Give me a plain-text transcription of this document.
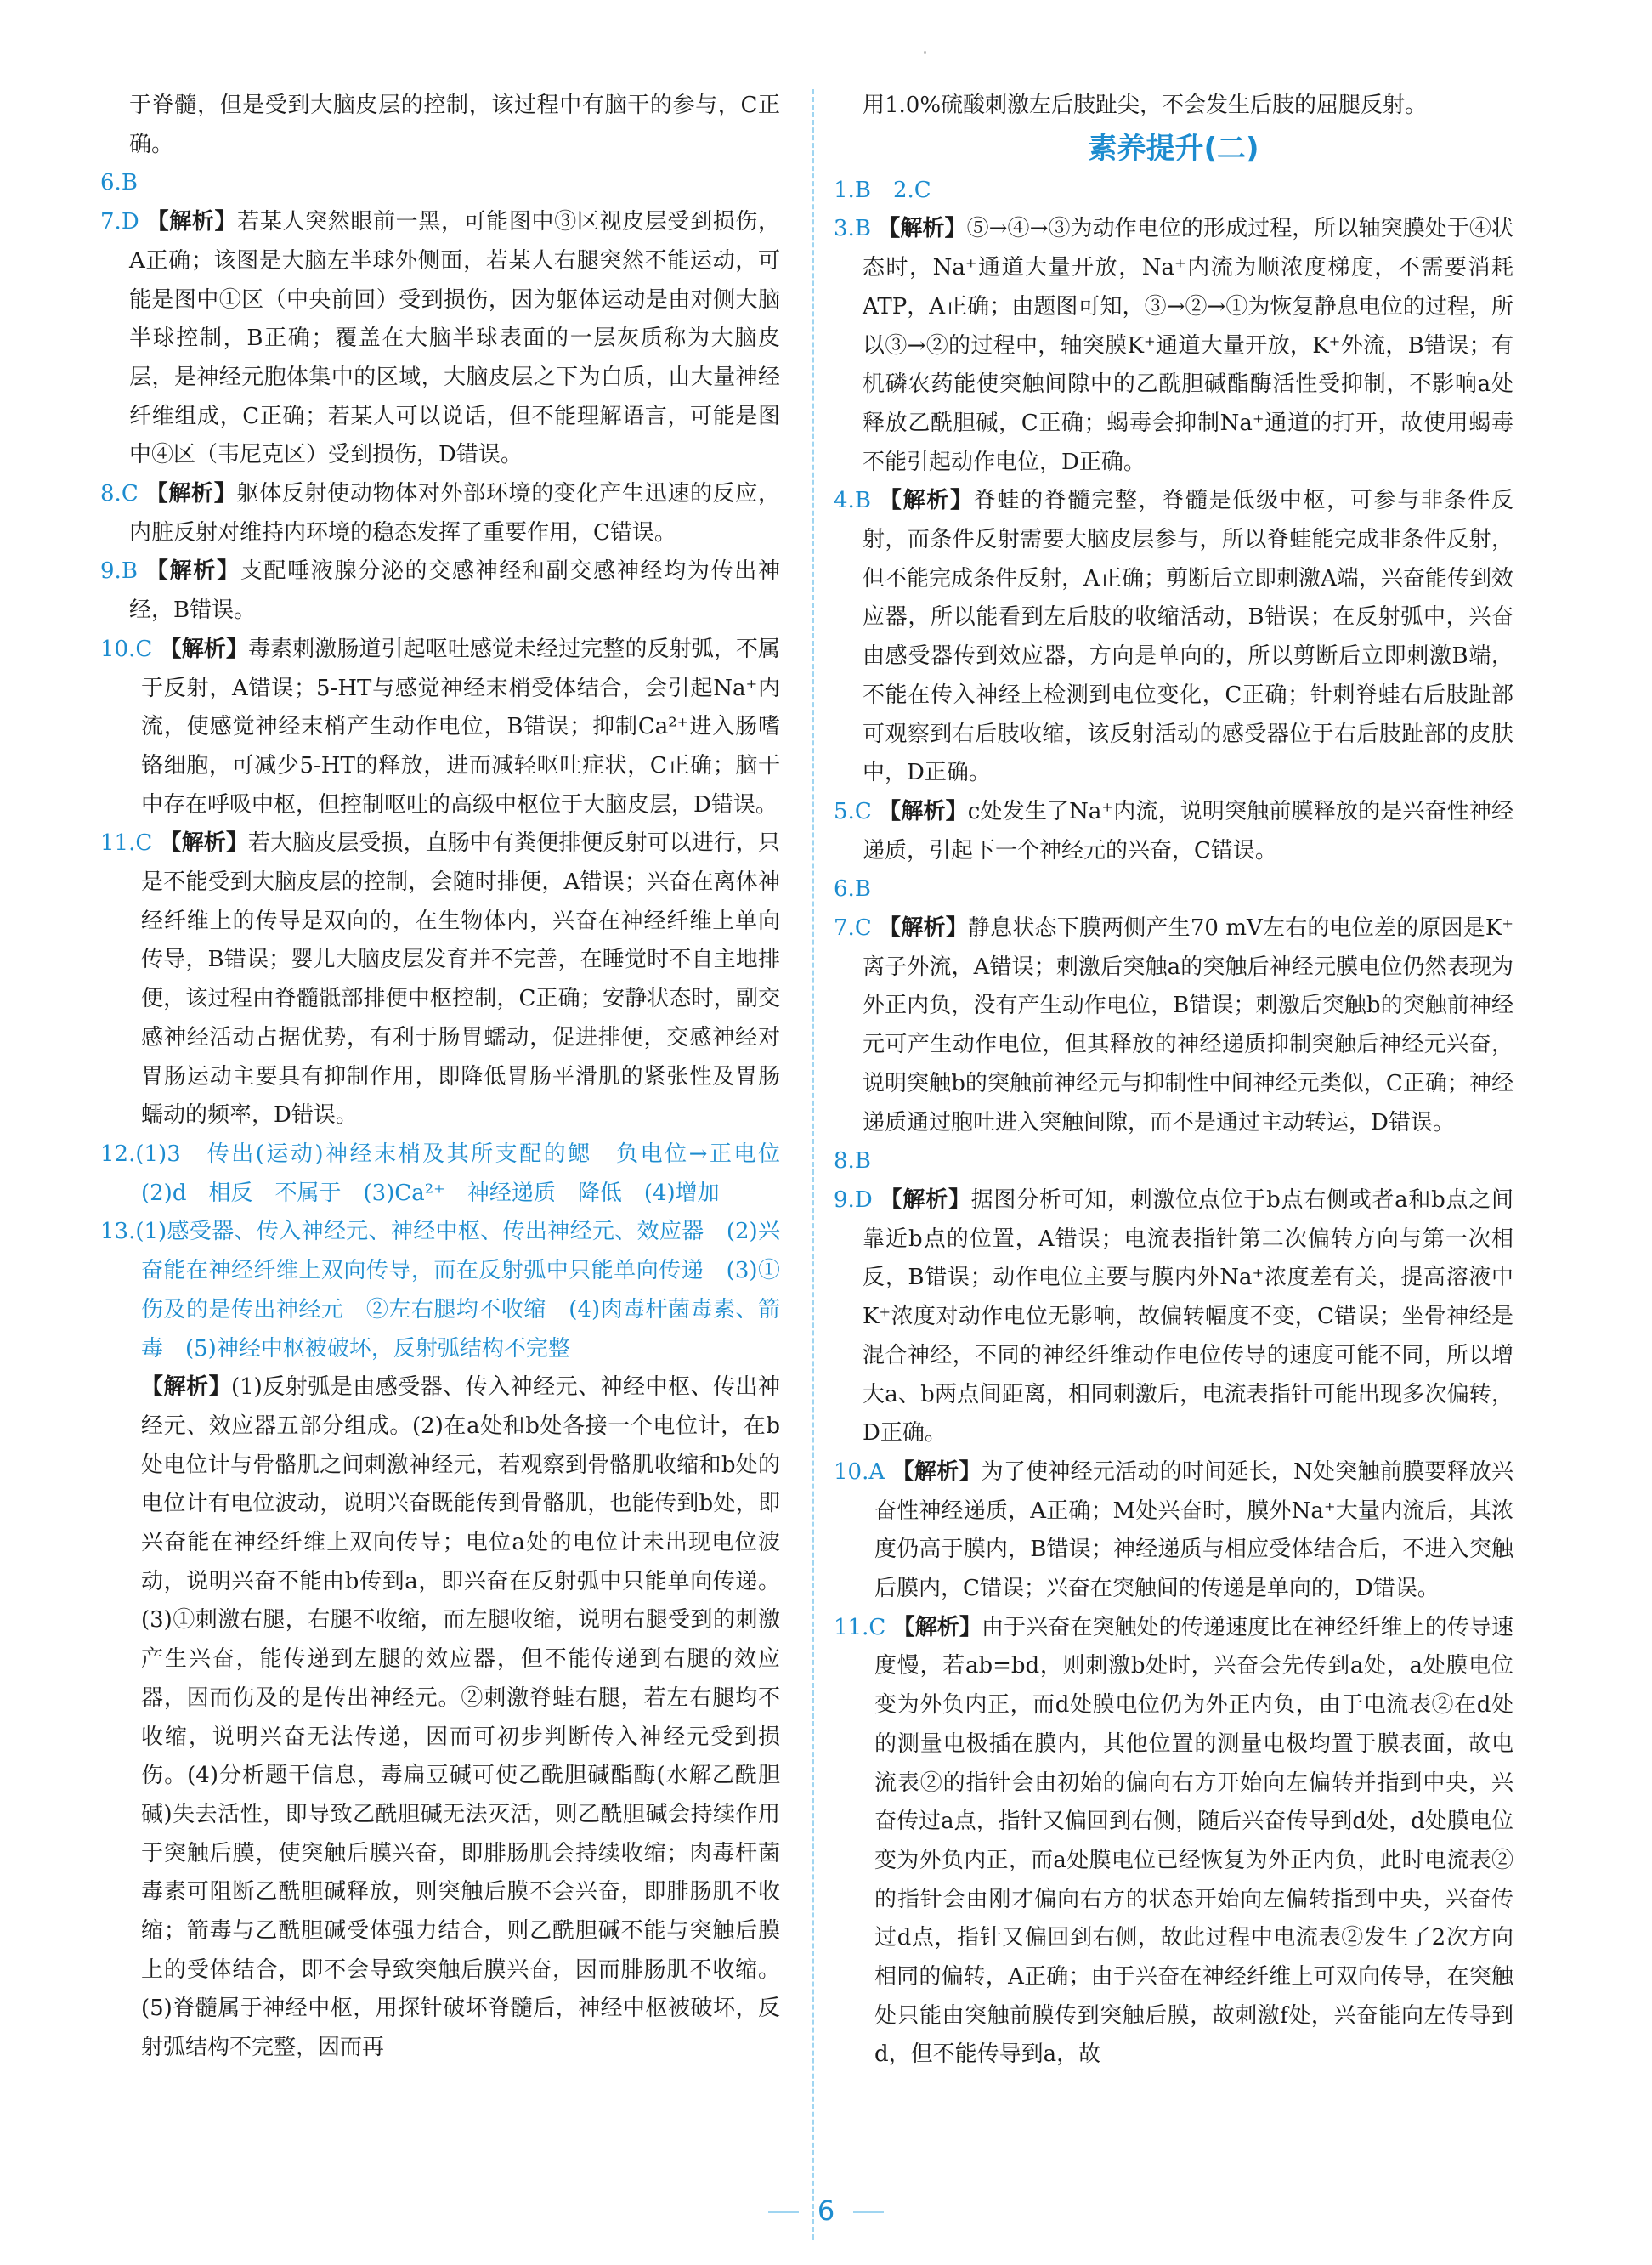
于脊髓，但是受到大脑皮层的控制，该过程中有脑干的参与，C正确。

6.B

7.D 【解析】若某人突然眼前一黑，可能图中③区视皮层受到损伤，A正确；该图是大脑左半球外侧面，若某人右腿突然不能运动，可能是图中①区（中央前回）受到损伤，因为躯体运动是由对侧大脑半球控制，B正确；覆盖在大脑半球表面的一层灰质称为大脑皮层，是神经元胞体集中的区域，大脑皮层之下为白质，由大量神经纤维组成，C正确；若某人可以说话，但不能理解语言，可能是图中④区（韦尼克区）受到损伤，D错误。

8.C 【解析】躯体反射使动物体对外部环境的变化产生迅速的反应，内脏反射对维持内环境的稳态发挥了重要作用，C错误。

9.B 【解析】支配唾液腺分泌的交感神经和副交感神经均为传出神经，B错误。

10.C 【解析】毒素刺激肠道引起呕吐感觉未经过完整的反射弧，不属于反射，A错误；5-HT与感觉神经末梢受体结合，会引起Na⁺内流，使感觉神经末梢产生动作电位，B错误；抑制Ca²⁺进入肠嗜铬细胞，可减少5-HT的释放，进而减轻呕吐症状，C正确；脑干中存在呼吸中枢，但控制呕吐的高级中枢位于大脑皮层，D错误。

11.C 【解析】若大脑皮层受损，直肠中有粪便排便反射可以进行，只是不能受到大脑皮层的控制，会随时排便，A错误；兴奋在离体神经纤维上的传导是双向的，在生物体内，兴奋在神经纤维上单向传导，B错误；婴儿大脑皮层发育并不完善，在睡觉时不自主地排便，该过程由脊髓骶部排便中枢控制，C正确；安静状态时，副交感神经活动占据优势，有利于肠胃蠕动，促进排便，交感神经对胃肠运动主要具有抑制作用，即降低胃肠平滑肌的紧张性及胃肠蠕动的频率，D错误。

12.(1)3　传出(运动)神经末梢及其所支配的鳃　负电位→正电位　(2)d　相反　不属于　(3)Ca²⁺　神经递质　降低　(4)增加

13.(1)感受器、传入神经元、神经中枢、传出神经元、效应器　(2)兴奋能在神经纤维上双向传导，而在反射弧中只能单向传递　(3)①伤及的是传出神经元　②左右腿均不收缩　(4)肉毒杆菌毒素、箭毒　(5)神经中枢被破坏，反射弧结构不完整

【解析】(1)反射弧是由感受器、传入神经元、神经中枢、传出神经元、效应器五部分组成。(2)在a处和b处各接一个电位计，在b处电位计与骨骼肌之间刺激神经元，若观察到骨骼肌收缩和b处的电位计有电位波动，说明兴奋既能传到骨骼肌，也能传到b处，即兴奋能在神经纤维上双向传导；电位a处的电位计未出现电位波动，说明兴奋不能由b传到a，即兴奋在反射弧中只能单向传递。(3)①刺激右腿，右腿不收缩，而左腿收缩，说明右腿受到的刺激产生兴奋，能传递到左腿的效应器，但不能传递到右腿的效应器，因而伤及的是传出神经元。②刺激脊蛙右腿，若左右腿均不收缩，说明兴奋无法传递，因而可初步判断传入神经元受到损伤。(4)分析题干信息，毒扁豆碱可使乙酰胆碱酯酶(水解乙酰胆碱)失去活性，即导致乙酰胆碱无法灭活，则乙酰胆碱会持续作用于突触后膜，使突触后膜兴奋，即腓肠肌会持续收缩；肉毒杆菌毒素可阻断乙酰胆碱释放，则突触后膜不会兴奋，即腓肠肌不收缩；箭毒与乙酰胆碱受体强力结合，则乙酰胆碱不能与突触后膜上的受体结合，即不会导致突触后膜兴奋，因而腓肠肌不收缩。(5)脊髓属于神经中枢，用探针破坏脊髓后，神经中枢被破坏，反射弧结构不完整，因而再

用1.0%硫酸刺激左后肢趾尖，不会发生后肢的屈腿反射。

素养提升(二)

1.B　 2.C

3.B 【解析】⑤→④→③为动作电位的形成过程，所以轴突膜处于④状态时，Na⁺通道大量开放，Na⁺内流为顺浓度梯度，不需要消耗ATP，A正确；由题图可知，③→②→①为恢复静息电位的过程，所以③→②的过程中，轴突膜K⁺通道大量开放，K⁺外流，B错误；有机磷农药能使突触间隙中的乙酰胆碱酯酶活性受抑制，不影响a处释放乙酰胆碱，C正确；蝎毒会抑制Na⁺通道的打开，故使用蝎毒不能引起动作电位，D正确。

4.B 【解析】脊蛙的脊髓完整，脊髓是低级中枢，可参与非条件反射，而条件反射需要大脑皮层参与，所以脊蛙能完成非条件反射，但不能完成条件反射，A正确；剪断后立即刺激A端，兴奋能传到效应器，所以能看到左后肢的收缩活动，B错误；在反射弧中，兴奋由感受器传到效应器，方向是单向的，所以剪断后立即刺激B端，不能在传入神经上检测到电位变化，C正确；针刺脊蛙右后肢趾部可观察到右后肢收缩，该反射活动的感受器位于右后肢趾部的皮肤中，D正确。

5.C 【解析】c处发生了Na⁺内流，说明突触前膜释放的是兴奋性神经递质，引起下一个神经元的兴奋，C错误。

6.B

7.C 【解析】静息状态下膜两侧产生70 mV左右的电位差的原因是K⁺离子外流，A错误；刺激后突触a的突触后神经元膜电位仍然表现为外正内负，没有产生动作电位，B错误；刺激后突触b的突触前神经元可产生动作电位，但其释放的神经递质抑制突触后神经元兴奋，说明突触b的突触前神经元与抑制性中间神经元类似，C正确；神经递质通过胞吐进入突触间隙，而不是通过主动转运，D错误。

8.B

9.D 【解析】据图分析可知，刺激位点位于b点右侧或者a和b点之间靠近b点的位置，A错误；电流表指针第二次偏转方向与第一次相反，B错误；动作电位主要与膜内外Na⁺浓度差有关，提高溶液中K⁺浓度对动作电位无影响，故偏转幅度不变，C错误；坐骨神经是混合神经，不同的神经纤维动作电位传导的速度可能不同，所以增大a、b两点间距离，相同刺激后，电流表指针可能出现多次偏转，D正确。

10.A 【解析】为了使神经元活动的时间延长，N处突触前膜要释放兴奋性神经递质，A正确；M处兴奋时，膜外Na⁺大量内流后，其浓度仍高于膜内，B错误；神经递质与相应受体结合后，不进入突触后膜内，C错误；兴奋在突触间的传递是单向的，D错误。

11.C 【解析】由于兴奋在突触处的传递速度比在神经纤维上的传导速度慢，若ab=bd，则刺激b处时，兴奋会先传到a处，a处膜电位变为外负内正，而d处膜电位仍为外正内负，由于电流表②在d处的测量电极插在膜内，其他位置的测量电极均置于膜表面，故电流表②的指针会由初始的偏向右方开始向左偏转并指到中央，兴奋传过a点，指针又偏回到右侧，随后兴奋传导到d处，d处膜电位变为外负内正，而a处膜电位已经恢复为外正内负，此时电流表②的指针会由刚才偏向右方的状态开始向左偏转指到中央，兴奋传过d点，指针又偏回到右侧，故此过程中电流表②发生了2次方向相同的偏转，A正确；由于兴奋在神经纤维上可双向传导，在突触处只能由突触前膜传到突触后膜，故刺激f处，兴奋能向左传导到d，但不能传导到a，故

6
